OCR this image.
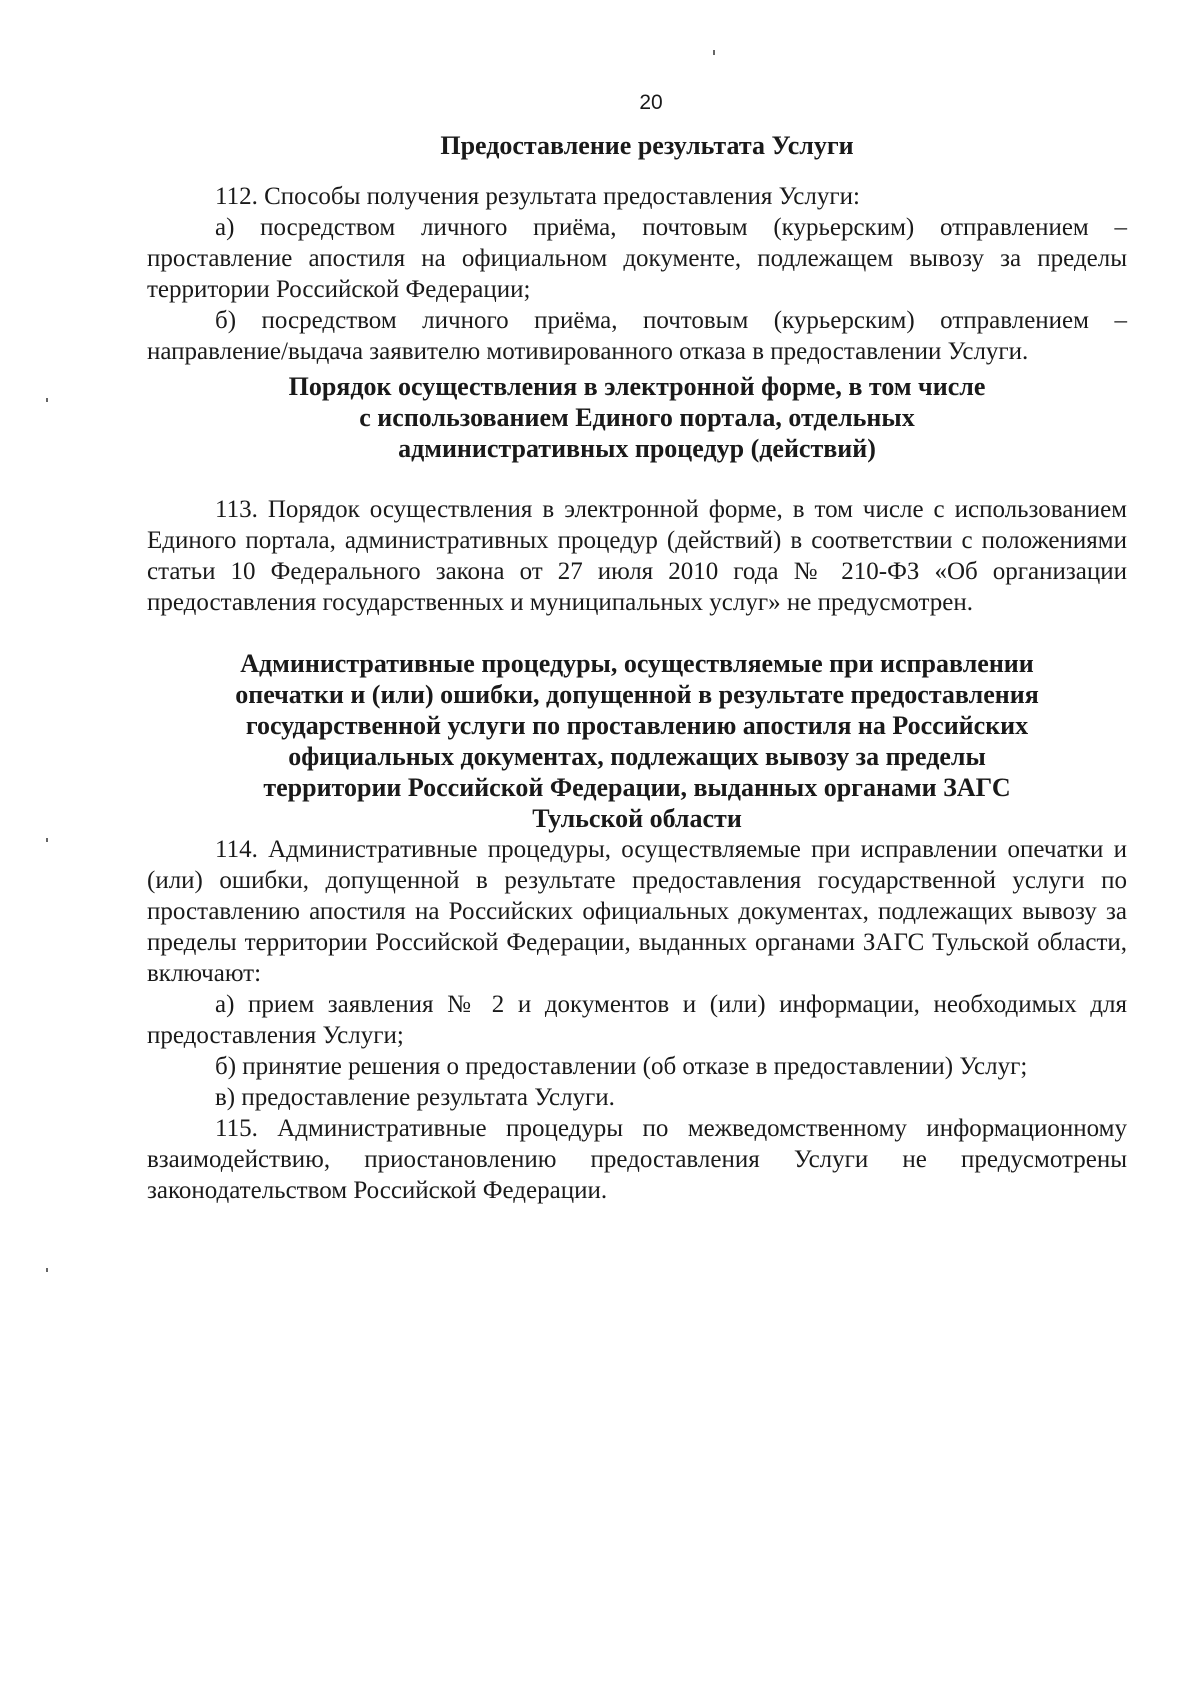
20
Предоставление результата Услуги

112. Способы получения результата предоставления Услуги:

а) посредством личного приёма, почтовым (курьерским) отправлением – проставление апостиля на официальном документе, подлежащем вывозу за пределы территории Российской Федерации;

б) посредством личного приёма, почтовым (курьерским) отправлением – направление/выдача заявителю мотивированного отказа в предоставлении Услуги.

Порядок осуществления в электронной форме, в том числе
с использованием Единого портала, отдельных
административных процедур (действий)

113. Порядок осуществления в электронной форме, в том числе с использованием Единого портала, административных процедур (действий) в соответствии с положениями статьи 10 Федерального закона от 27 июля 2010 года № 210-ФЗ «Об организации предоставления государственных и муниципальных услуг» не предусмотрен.

Административные процедуры, осуществляемые при исправлении
опечатки и (или) ошибки, допущенной в результате предоставления
государственной услуги по проставлению апостиля на Российских
официальных документах, подлежащих вывозу за пределы
территории Российской Федерации, выданных органами ЗАГС
Тульской области

114. Административные процедуры, осуществляемые при исправлении опечатки и (или) ошибки, допущенной в результате предоставления государственной услуги по проставлению апостиля на Российских официальных документах, подлежащих вывозу за пределы территории Российской Федерации, выданных органами ЗАГС Тульской области, включают:

а) прием заявления № 2 и документов и (или) информации, необходимых для предоставления Услуги;

б) принятие решения о предоставлении (об отказе в предоставлении) Услуг;

в) предоставление результата Услуги.

115. Административные процедуры по межведомственному информационному взаимодействию, приостановлению предоставления Услуги не предусмотрены законодательством Российской Федерации.
